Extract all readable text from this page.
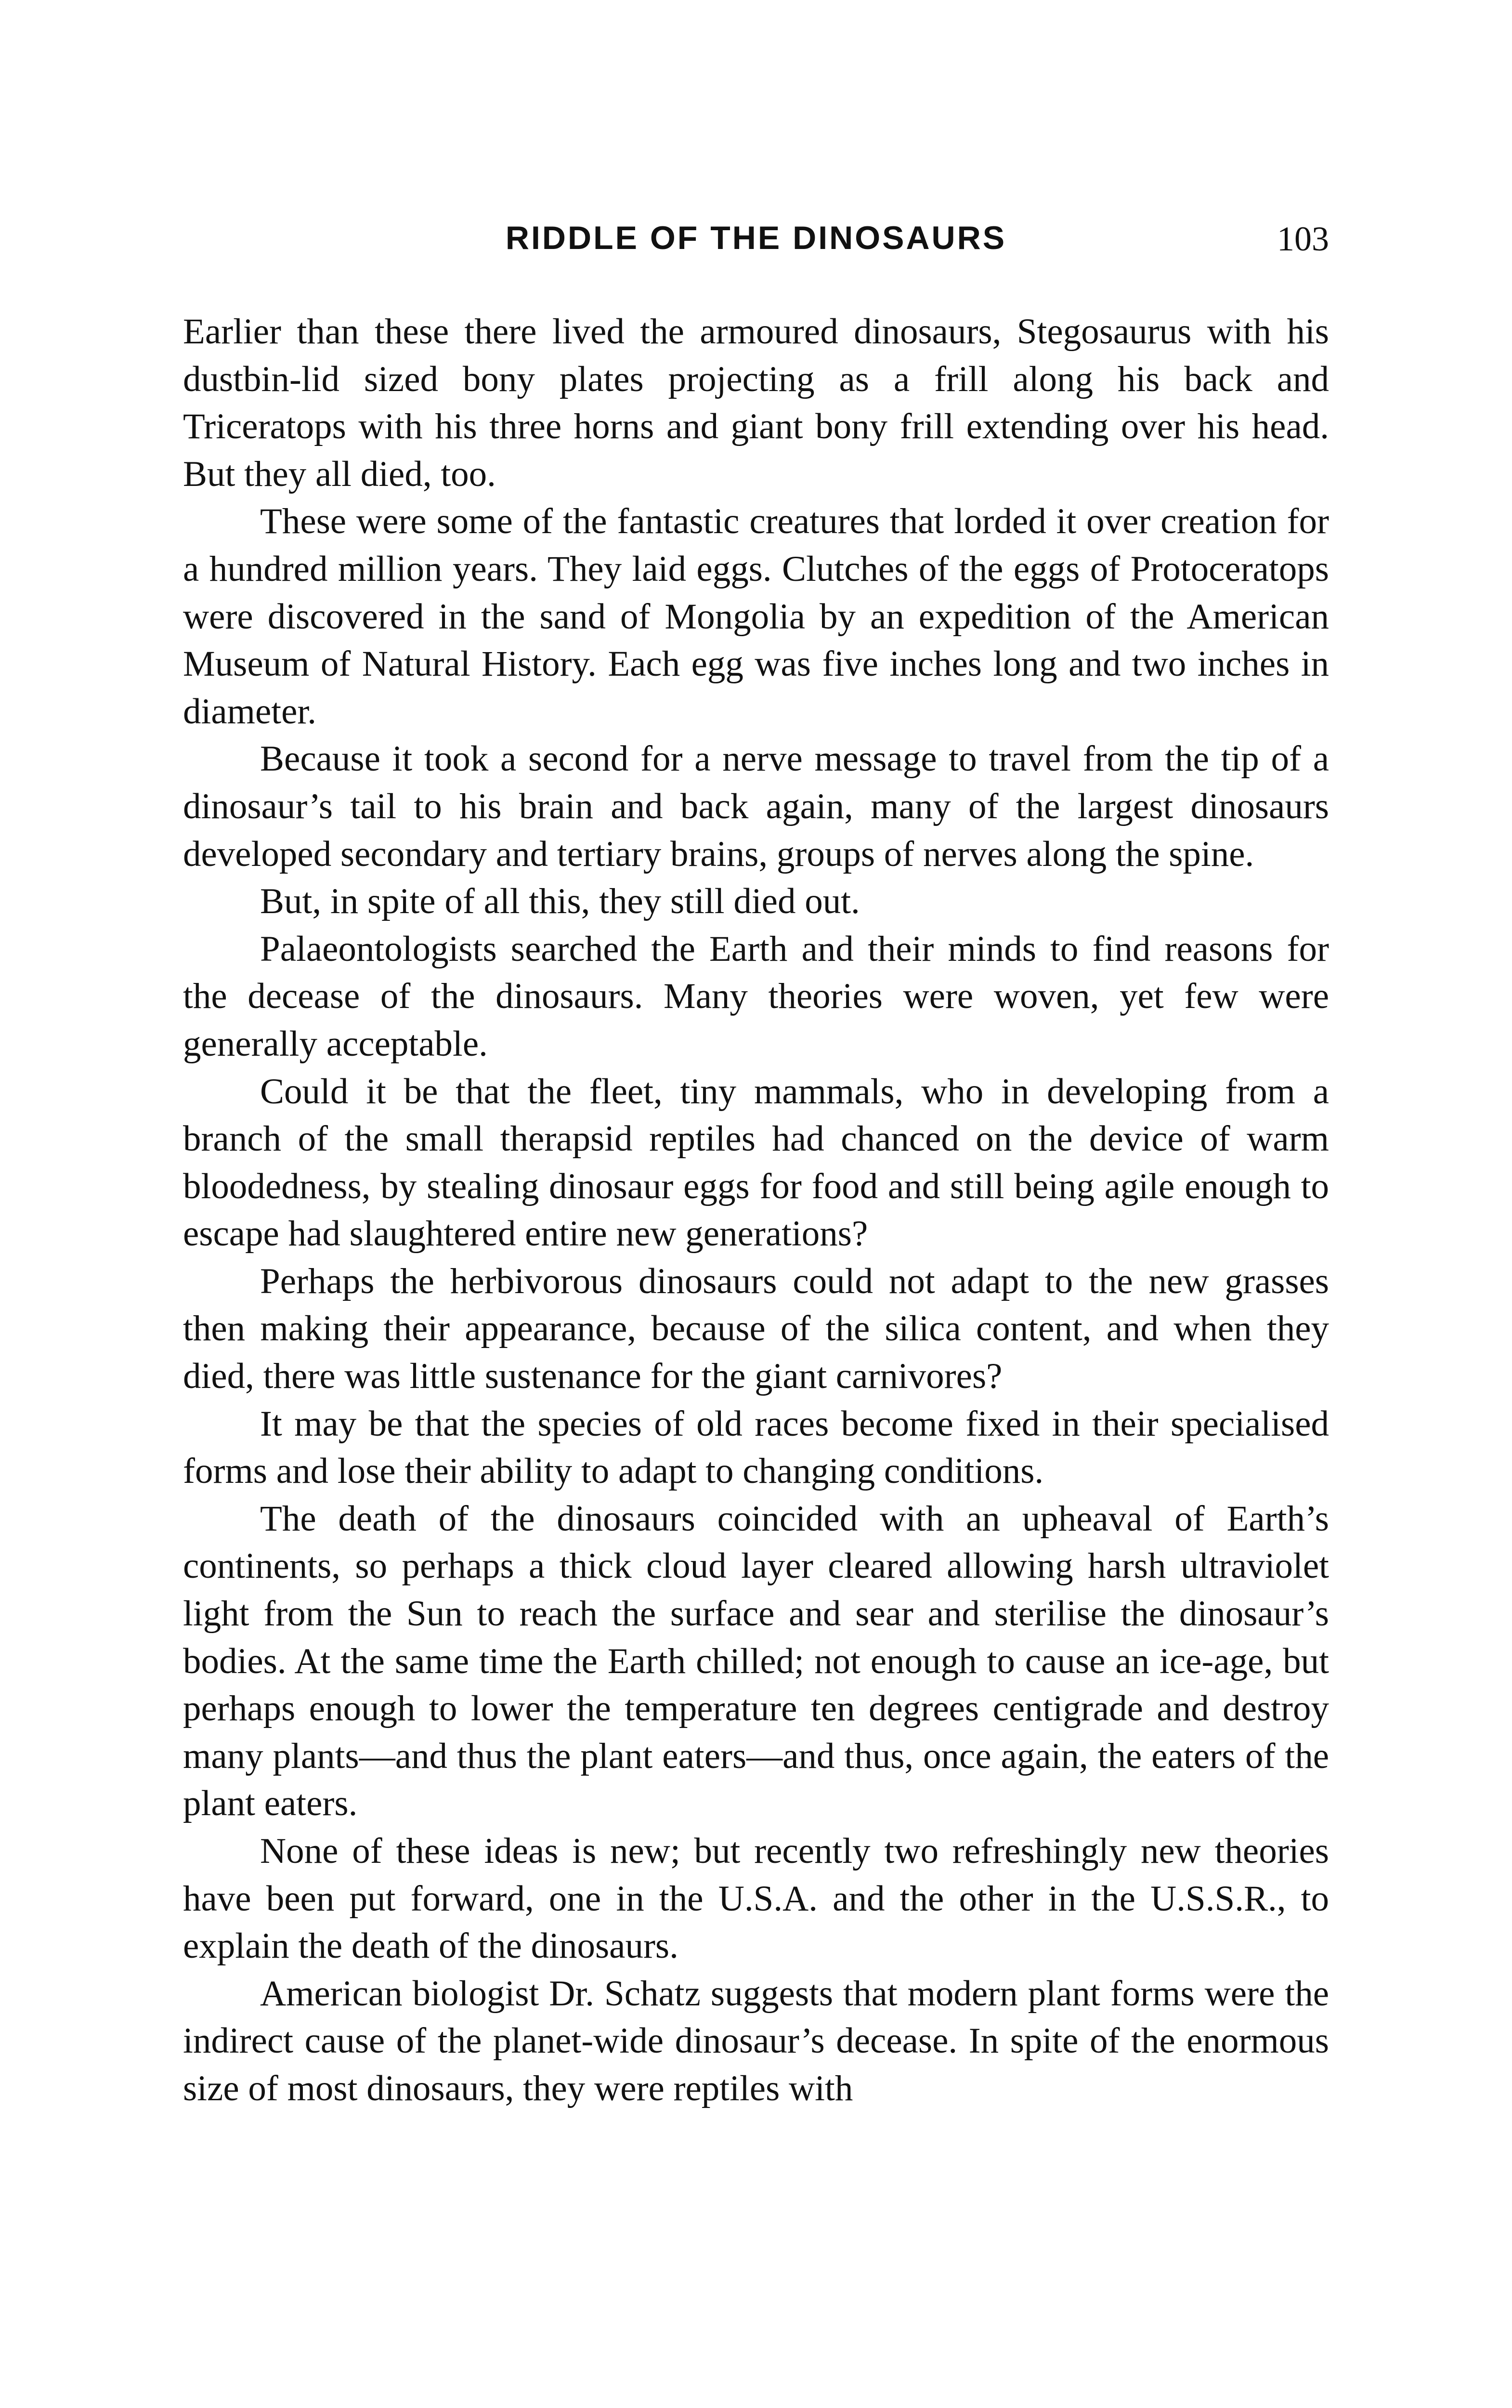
RIDDLE OF THE DINOSAURS	103

Earlier than these there lived the armoured dinosaurs, Stegosaurus with his dustbin-lid sized bony plates projecting as a frill along his back and Triceratops with his three horns and giant bony frill extending over his head. But they all died, too.

These were some of the fantastic creatures that lorded it over creation for a hundred million years. They laid eggs. Clutches of the eggs of Protoceratops were discovered in the sand of Mongolia by an expedition of the American Museum of Natural History. Each egg was five inches long and two inches in diameter.

Because it took a second for a nerve message to travel from the tip of a dinosaur’s tail to his brain and back again, many of the largest dinosaurs developed secondary and tertiary brains, groups of nerves along the spine.

But, in spite of all this, they still died out.

Palaeontologists searched the Earth and their minds to find reasons for the decease of the dinosaurs. Many theories were woven, yet few were generally acceptable.

Could it be that the fleet, tiny mammals, who in developing from a branch of the small therapsid reptiles had chanced on the device of warm bloodedness, by stealing dinosaur eggs for food and still being agile enough to escape had slaughtered entire new generations?

Perhaps the herbivorous dinosaurs could not adapt to the new grasses then making their appearance, because of the silica content, and when they died, there was little sustenance for the giant carnivores?

It may be that the species of old races become fixed in their specialised forms and lose their ability to adapt to changing conditions.

The death of the dinosaurs coincided with an upheaval of Earth’s continents, so perhaps a thick cloud layer cleared allowing harsh ultraviolet light from the Sun to reach the surface and sear and sterilise the dinosaur’s bodies. At the same time the Earth chilled; not enough to cause an ice-age, but perhaps enough to lower the temperature ten degrees centigrade and destroy many plants—and thus the plant eaters—and thus, once again, the eaters of the plant eaters.

None of these ideas is new; but recently two refreshingly new theories have been put forward, one in the U.S.A. and the other in the U.S.S.R., to explain the death of the dinosaurs.

American biologist Dr. Schatz suggests that modern plant forms were the indirect cause of the planet-wide dinosaur’s decease. In spite of the enormous size of most dinosaurs, they were reptiles with
